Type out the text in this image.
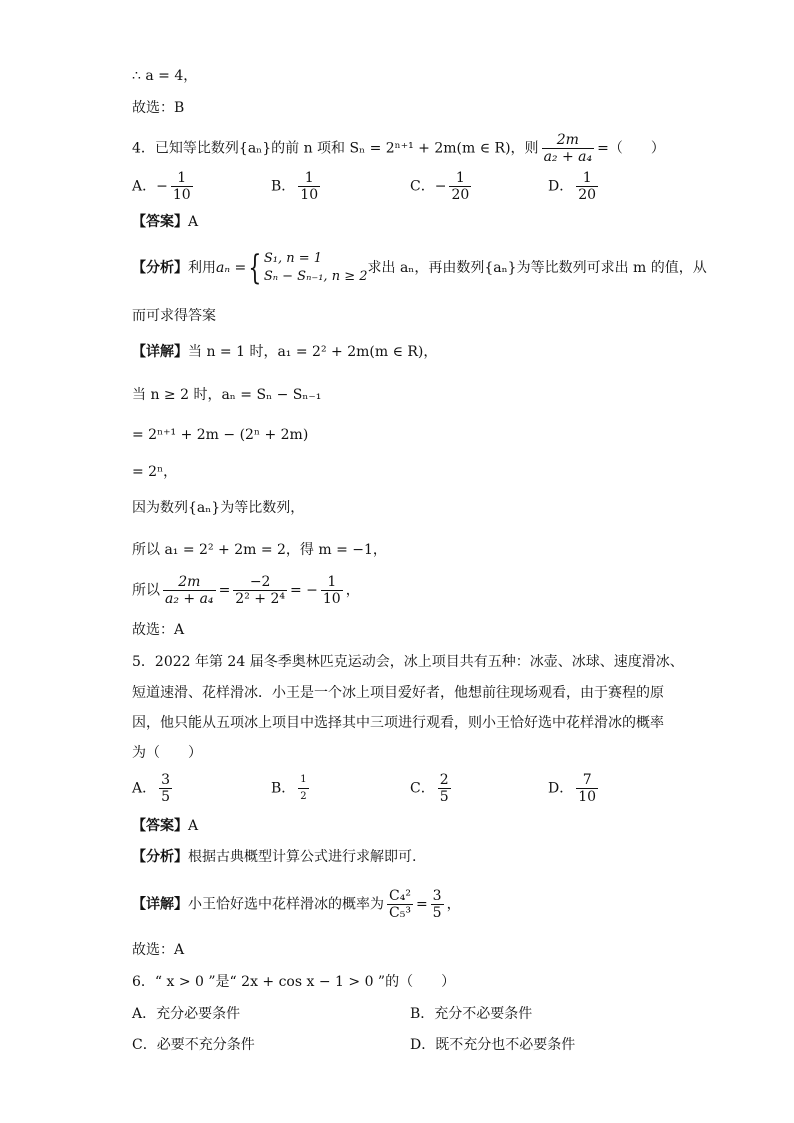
∴ a = 4，
故选：B
4．已知等比数列{aₙ}的前 n 项和 Sₙ = 2ⁿ⁺¹ + 2m(m ∈ R)，则 $\frac{2m}{\text{a₂ + a₄}}$ =（　　）
A．− $\frac{1}{10}$	B． $\frac{1}{10}$	C．− $\frac{1}{20}$	D． $\frac{1}{20}$
【答案】A
【分析】利用aₙ ={ S₁, n = 1
Sₙ − Sₙ₋₁, n ≥ 2
求出 aₙ，再由数列{aₙ}为等比数列可求出 m 的值，从
而可求得答案
【详解】当 n = 1 时，a₁ = 2² + 2m(m ∈ R)，
当 n ≥ 2 时，aₙ = Sₙ − Sₙ₋₁
= 2ⁿ⁺¹ + 2m − (2ⁿ + 2m)
= 2ⁿ，
因为数列{aₙ}为等比数列，
所以 a₁ = 2² + 2m = 2，得 m = −1，
所以 $\frac{2m}{\text{a₂ + a₄}} = \frac{-2}{\text{2² + 2⁴}}$ = − $\frac{1}{10}$ ，
故选：A
5．2022 年第 24 届冬季奥林匹克运动会，冰上项目共有五种：冰壶、冰球、速度滑冰、
短道速滑、花样滑冰．小王是一个冰上项目爱好者，他想前往现场观看，由于赛程的原
因，他只能从五项冰上项目中选择其中三项进行观看，则小王恰好选中花样滑冰的概率
为（　　）
A． $\frac{3}{5}$	B． $\frac{1}{2}$	C． $\frac{2}{5}$	D． $\frac{7}{10}$
【答案】A
【分析】根据古典概型计算公式进行求解即可.
【详解】小王恰好选中花样滑冰的概率为 $\frac{\text{C₄²}}{\text{C₅³}} = \frac{3}{5}$ ，
故选：A
6．“ x > 0 ”是“ 2x + cos x − 1 > 0 ”的（　　）
A．充分必要条件	B．充分不必要条件
C．必要不充分条件	D．既不充分也不必要条件
